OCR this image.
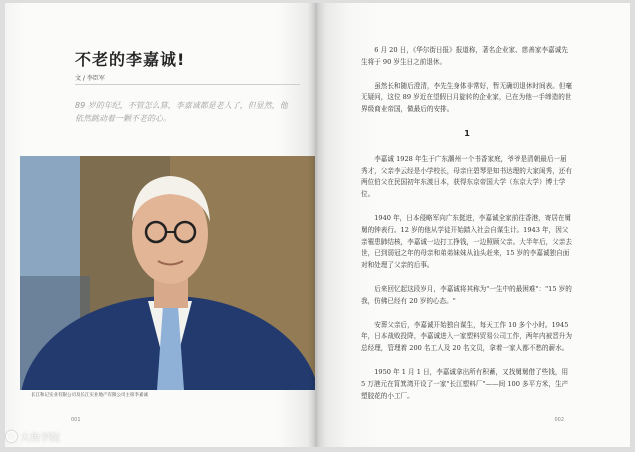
不老的李嘉诚!
文 / 李臣军

89 岁的年纪，不管怎么算，李嘉诚都是老人了，但显然，他依然跳动着一颗不老的心。

长江和记实业有限公司及长江实业地产有限公司主席李嘉诚

001

6 月 20 日，《华尔街日报》报道称，著名企业家、慈善家李嘉诚先生将于 90 岁生日之前退休。

虽然长和随后澄清，李先生身体非常好，暂无确切退休时间表。但毫无疑问，这位 89 岁近在望假日月旋转的企业家，已在为他一手缔造的世界级商业帝国，做最后的安排。

1

李嘉诚 1928 年生于广东潮州一个书香家庭，爷爷是清朝最后一届秀才，父亲李云经是小学校长，母亲庄碧琴是知书达理的大家闺秀，还有两位伯父在民国初年东渡日本，获得东京帝国大学（东京大学）博士学位。

1940 年，日本侵略军向广东挺进，李嘉诚全家前往香港，寄居在舅舅的钟表行。12 岁的他从学徒开始踏入社会自谋生计。1943 年，因父亲罹患肺结核，李嘉诚一边打工挣钱，一边照顾父亲。大半年后，父亲去世，已到弱冠之年的母亲和弟弟妹妹从汕头赶来，15 岁的李嘉诚独自面对和处理了父亲的后事。

后来回忆起这段岁月，李嘉诚将其称为"一生中的最困难"："15 岁的我，仿佛已经有 20 岁的心态。"

安葬父亲后，李嘉诚开始独自谋生，每天工作 10 多个小时。1945 年，日本战败投降，李嘉诚进入一家塑料贸易公司工作，两年内被晋升为总经理，管理着 200 名工人及 20 名文员，拿着一家人都不愁的薪水。

1950 年 1 月 1 日，李嘉诚拿出所有积蓄，又找舅舅借了些钱，用 5 万港元在筲箕湾开设了一家"长江塑料厂"——间 100 多平方米，生产塑胶花的小工厂。

002

大鱼学院
